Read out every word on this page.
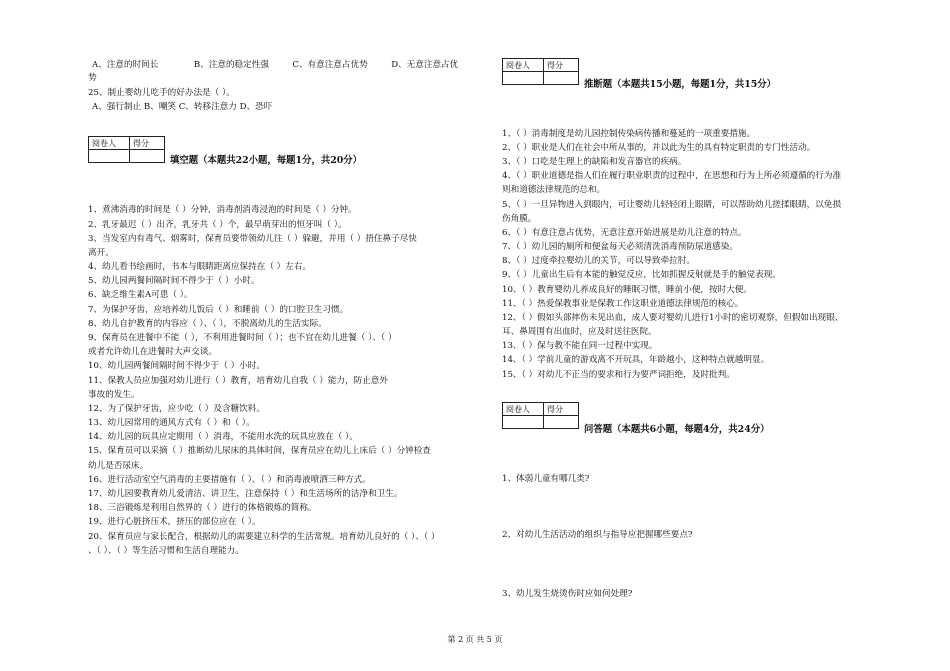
A、注意的时间长	B、注意的稳定性强	C、有意注意占优势	D、无意注意占优
势
25、制止婴幼儿吃手的好办法是（ ）。
A、强行制止 B、嘲笑 C、转移注意力 D、恐吓
阅卷人	得分

填空题（本题共22小题，每题1分，共20分）
1、煮沸消毒的时间是（ ）分钟，消毒剂消毒浸泡的时间是（ ）分钟。
2、乳牙最迟（ ）出齐，乳牙共（ ）个，最早萌芽出的恒牙叫（ ）。
3、当发室内有毒气、烟雾时，保育员要带领幼儿往（ ）躲避，并用（ ）捂住鼻子尽快
离开。
4、幼儿看书绘画时，书本与眼睛距离应保持在（ ）左右。
5、幼儿园两餐间隔时间不得少于（ ）小时。
6、缺乏维生素A可患（ ）。
7、为保护牙齿，应培养幼儿饭后（ ）和睡前（ ）的口腔卫生习惯。
8、幼儿自护教育的内容应（ ）、（ ），不脱离幼儿的生活实际。
9、保育员在进餐中不能（ ），不利用进餐时间（ ）；也不宜在幼儿进餐（ ）、（ ）
或者允许幼儿在进餐时大声交谈。
10、幼儿园两餐间隔时间不得少于（ ）小时。
11、保教人员应加强对幼儿进行（ ）教育，培育幼儿自我（ ）能力，防止意外
事故的发生。
12、为了保护牙齿，应少吃（ ）及含糖饮料。
13、幼儿园常用的通风方式有（ ）和（ ）。
14、幼儿园的玩具应定期用（ ）消毒，不能用水洗的玩具应放在（ ）。
15、保育员可以采摘（ ）推断幼儿尿床的具体时间，保育员应在幼儿上床后（ ）分钟检查
幼儿是否尿床。
16、进行活动室空气消毒的主要措施有（ ）、（ ）和消毒液喷洒三种方式。
17、幼儿园要教育幼儿爱清洁、讲卫生，注意保持（ ）和生活场所的洁净和卫生。
18、三浴锻炼是利用自然界的（ ）进行的体格锻炼的简称。
19、进行心脏挤压术，挤压的部位应在（ ）。
20、保育员应与家长配合，根据幼儿的需要建立科学的生活常规。培育幼儿良好的（ ）、（ ）
、（ ）、（ ）等生活习惯和生活自理能力。
阅卷人	得分

推断题（本题共15小题，每题1分，共15分）
1、（ ）消毒制度是幼儿园控制传染病传播和蔓延的一项重要措施。
2、（ ）职业是人们在社会中所从事的，并以此为生的具有特定职责的专门性活动。
3、（ ）口吃是生理上的缺陷和发音器官的疾病。
4、（ ）职业道德是指人们在履行职业职责的过程中，在思想和行为上所必须遵循的行为准
则和道德法律规范的总和。
5、（ ）一旦异物进入到眼内，可让婴幼儿轻轻闭上眼睛，可以帮助幼儿搓揉眼睛，以免损
伤角膜。
6、（ ）有意注意占优势，无意注意开始进展是幼儿注意的特点。
7、（ ）幼儿园的厕所和便盆每天必须清洗消毒预防尿道感染。
8、（ ）过度牵拉婴幼儿的关节，可以导致牵拉肘。
9、（ ）儿童出生后有本能的触觉反应，比如抓握反射就是手的触觉表现。
10、（ ）教育婴幼儿养成良好的睡眠习惯，睡前小便，按时大便。
11、（ ）热爱保教事业是保教工作这职业道德法律规范的核心。
12、（ ）假如头部摔伤未见出血，成人要对婴幼儿进行1小时的密切观察，但假如出现眼、
耳、鼻周围有出血时，应及时送往医院。
13、（ ）保与教不能在同一过程中实现。
14、（ ）学前儿童的游戏离不开玩具，年龄越小，这种特点就越明显。
15、（ ）对幼儿不正当的要求和行为要严词拒绝，及时批判。
阅卷人	得分

问答题（本题共6小题，每题4分，共24分）
1、体弱儿童有哪几类?
2、对幼儿生活活动的组织与指导应把握哪些要点?
3、幼儿发生烧烫伤时应如何处理?
第 2 页 共 5 页
